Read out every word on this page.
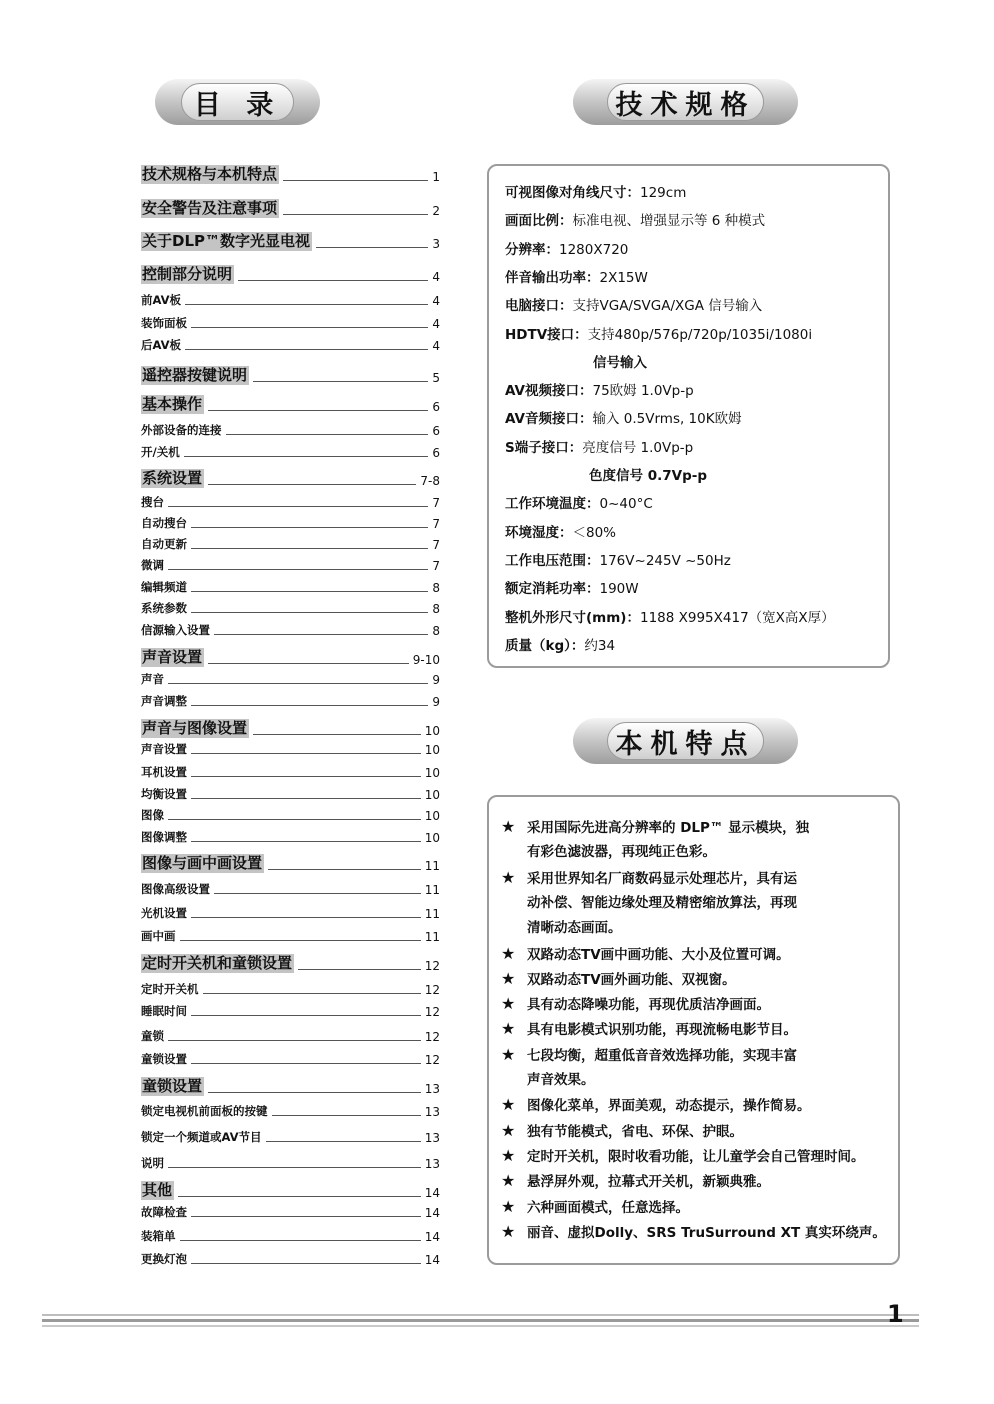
目 录	技术规格
本机特点
技术规格与本机特点	1
安全警告及注意事项	2
关于DLP™数字光显电视	3
控制部分说明	4
前AV板	4
装饰面板	4
后AV板	4
遥控器按键说明	5
基本操作	6
外部设备的连接	6
开/关机	6
系统设置	7-8
搜台	7
自动搜台	7
自动更新	7
微调	7
编辑频道	8
系统参数	8
信源输入设置	8
声音设置	9-10
声音	9
声音调整	9
声音与图像设置	10
声音设置	10
耳机设置	10
均衡设置	10
图像	10
图像调整	10
图像与画中画设置	11
图像高级设置	11
光机设置	11
画中画	11
定时开关机和童锁设置	12
定时开关机	12
睡眠时间	12
童锁	12
童锁设置	12
童锁设置	13
锁定电视机前面板的按键	13
锁定一个频道或AV节目	13
说明	13
其他	14
故障检查	14
装箱单	14
更换灯泡	14
可视图像对角线尺寸：129cm
画面比例：标准电视、增强显示等 6 种模式
分辨率：1280X720
伴音输出功率：2X15W
电脑接口：支持VGA/SVGA/XGA 信号输入
HDTV接口：支持480p/576p/720p/1035i/1080i
信号输入
AV视频接口：75欧姆 1.0Vp-p
AV音频接口：输入 0.5Vrms, 10K欧姆
S端子接口：亮度信号 1.0Vp-p
色度信号 0.7Vp-p
工作环境温度：0~40°C
环境湿度：＜80%
工作电压范围：176V~245V ~50Hz
额定消耗功率：190W
整机外形尺寸(mm)：1188 X995X417（宽X高X厚）
质量（kg）：约34
★ 采用国际先进高分辨率的 DLP™ 显示模块，独
有彩色滤波器，再现纯正色彩。
★ 采用世界知名厂商数码显示处理芯片，具有运
动补偿、智能边缘处理及精密缩放算法，再现
清晰动态画面。
★ 双路动态TV画中画功能、大小及位置可调。
★ 双路动态TV画外画功能、双视窗。
★ 具有动态降噪功能，再现优质洁净画面。
★ 具有电影模式识别功能，再现流畅电影节目。
★ 七段均衡，超重低音音效选择功能，实现丰富
声音效果。
★ 图像化菜单，界面美观，动态提示，操作简易。
★ 独有节能模式，省电、环保、护眼。
★ 定时开关机，限时收看功能，让儿童学会自己管理时间。
★ 悬浮屏外观，拉幕式开关机，新颖典雅。
★ 六种画面模式，任意选择。
★ 丽音、虚拟Dolly、SRS TruSurround XT 真实环绕声。
1
